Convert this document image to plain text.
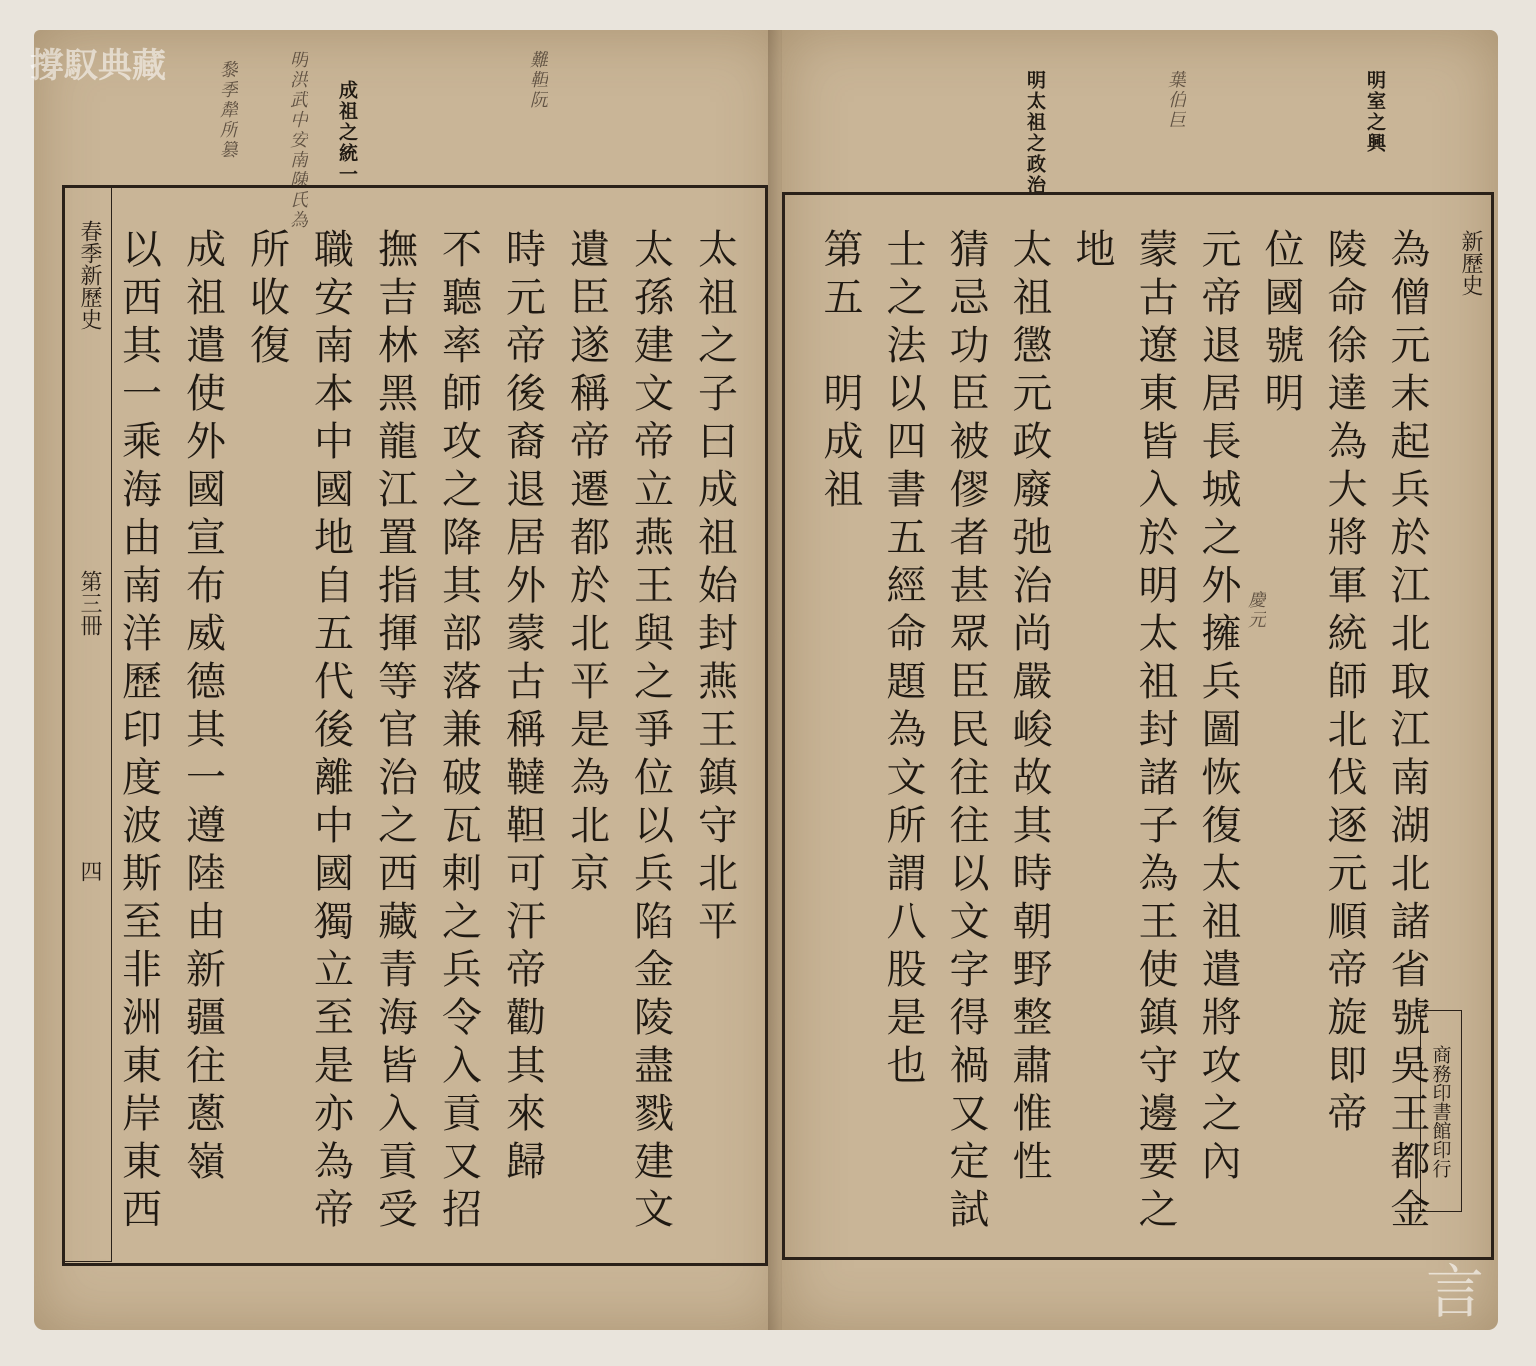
成祖之統一
明洪武中安南陳氏為
黎季犛所篡	難靼阮
春季新歷史
第三冊
四
太
祖
之
子
曰
成
祖
始
封
燕
王
鎮
守
北
平
太
孫
建
文
帝
立
燕
王
與
之
爭
位
以
兵
陷
金
陵
盡
戮
建
文
遺
臣
遂
稱
帝
遷
都
於
北
平
是
為
北
京
時
元
帝
後
裔
退
居
外
蒙
古
稱
韃
靼
可
汗
帝
勸
其
來
歸
不
聽
率
師
攻
之
降
其
部
落
兼
破
瓦
剌
之
兵
令
入
貢
又
招
撫
吉
林
黑
龍
江
置
指
揮
等
官
治
之
西
藏
青
海
皆
入
貢
受
職
安
南
本
中
國
地
自
五
代
後
離
中
國
獨
立
至
是
亦
為
帝
所
收
復
成
祖
遣
使
外
國
宣
布
威
德
其
一
遵
陸
由
新
疆
往
蔥
嶺
以
西
其
一
乘
海
由
南
洋
歷
印
度
波
斯
至
非
洲
東
岸
東
西
明室之興
明太祖之政治
慶元
葉伯巨
商務印書館印行
新歷史
為
僧
元
末
起
兵
於
江
北
取
江
南
湖
北
諸
省
號
吳
王
都
金
陵
命
徐
達
為
大
將
軍
統
師
北
伐
逐
元
順
帝
旋
即
帝
位
國
號
明
元
帝
退
居
長
城
之
外
擁
兵
圖
恢
復
太
祖
遣
將
攻
之
內
蒙
古
遼
東
皆
入
於
明
太
祖
封
諸
子
為
王
使
鎮
守
邊
要
之
地
太
祖
懲
元
政
廢
弛
治
尚
嚴
峻
故
其
時
朝
野
整
肅
惟
性
猜
忌
功
臣
被
僇
者
甚
眾
臣
民
往
往
以
文
字
得
禍
又
定
試
士
之
法
以
四
書
五
經
命
題
為
文
所
謂
八
股
是
也
第
五

明
成
祖
撐馭典藏
言
